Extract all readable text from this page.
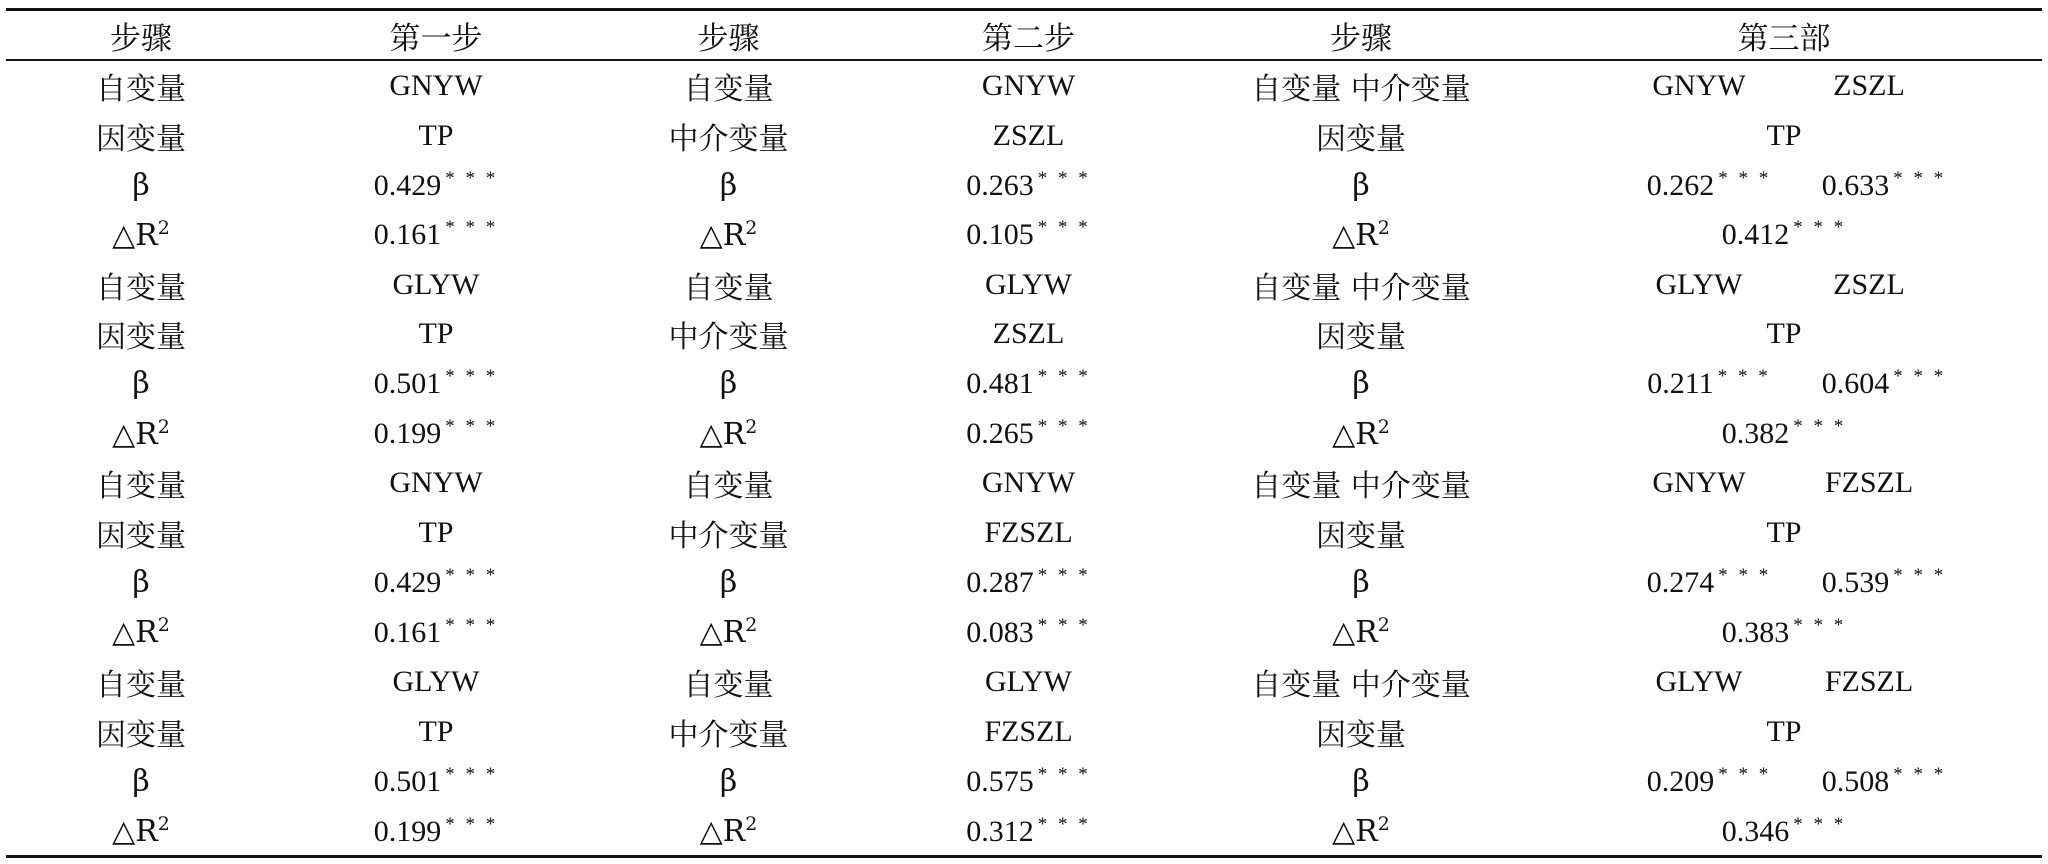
步骤	第一步	步骤	第二步	步骤	第三部
自变量	GNYW	自变量	GNYW	自变量 中介变量	GNYW ZSZL
因变量	TP	中介变量	ZSZL	因变量	TP
β	0.429 * * *	β	0.263 * * *	β	0.262 * * * 0.633 * * *
$\triangle R^2$	0.161 * * *	$\triangle R^2$	0.105 * * *	$\triangle R^2$	0.412 * * *
自变量	GLYW	自变量	GLYW	自变量 中介变量	GLYW ZSZL
因变量	TP	中介变量	ZSZL	因变量	TP
β	0.501 * * *	β	0.481 * * *	β	0.211 * * * 0.604 * * *
$\triangle R^2$	0.199 * * *	$\triangle R^2$	0.265 * * *	$\triangle R^2$	0.382 * * *
自变量	GNYW	自变量	GNYW	自变量 中介变量	GNYW FZSZL
因变量	TP	中介变量	FZSZL	因变量	TP
β	0.429 * * *	β	0.287 * * *	β	0.274 * * * 0.539 * * *
$\triangle R^2$	0.161 * * *	$\triangle R^2$	0.083 * * *	$\triangle R^2$	0.383 * * *
自变量	GLYW	自变量	GLYW	自变量 中介变量	GLYW FZSZL
因变量	TP	中介变量	FZSZL	因变量	TP
β	0.501 * * *	β	0.575 * * *	β	0.209 * * * 0.508 * * *
$\triangle R^2$	0.199 * * *	$\triangle R^2$	0.312 * * *	$\triangle R^2$	0.346 * * *
